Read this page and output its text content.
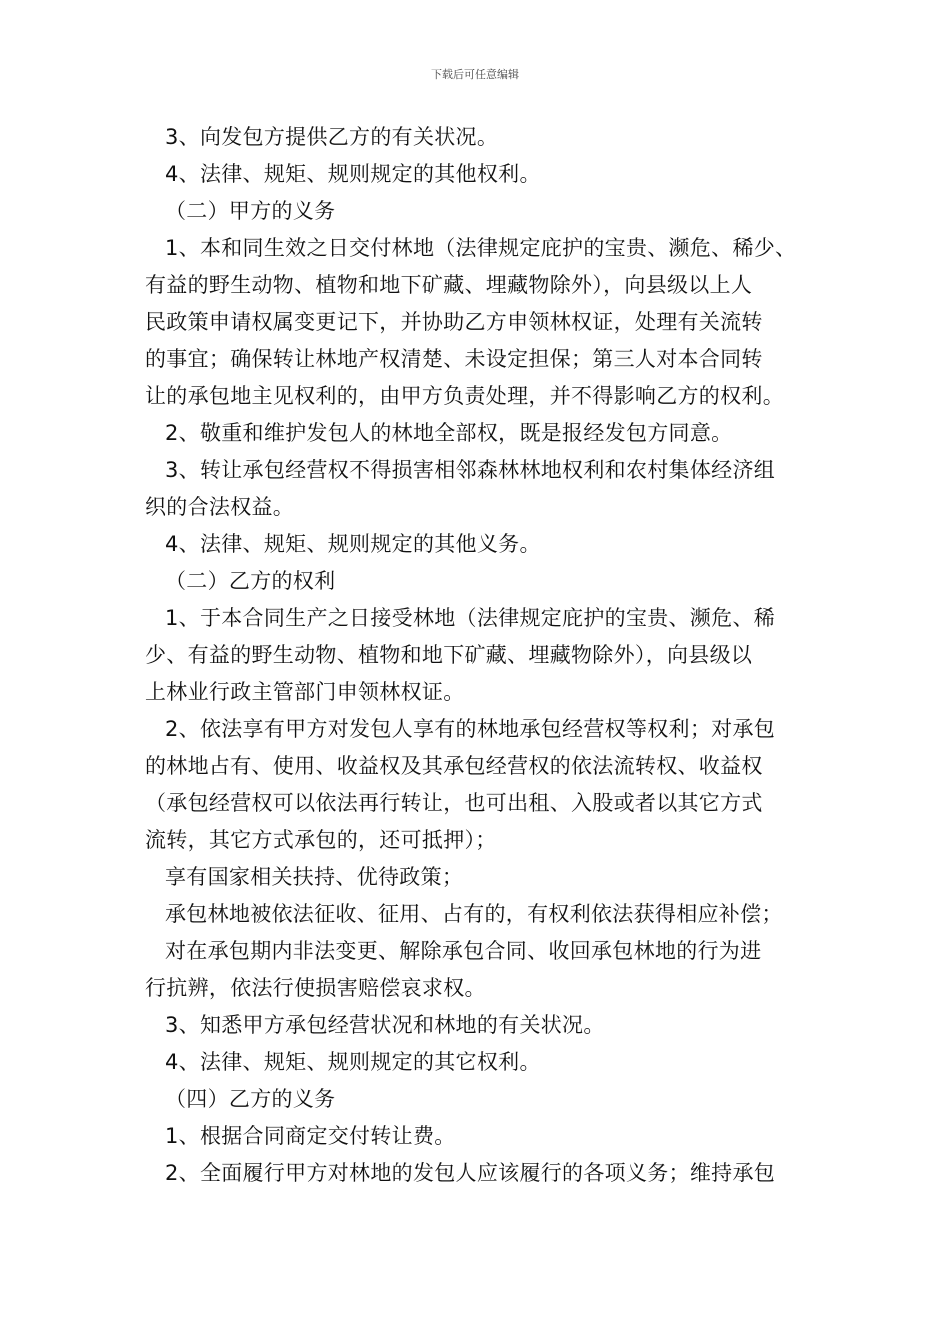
下载后可任意编辑
3、向发包方提供乙方的有关状况。
4、法律、规矩、规则规定的其他权利。
（二）甲方的义务
1、本和同生效之日交付林地（法律规定庇护的宝贵、濒危、稀少、
有益的野生动物、植物和地下矿藏、埋藏物除外），向县级以上人
民政策申请权属变更记下，并协助乙方申领林权证，处理有关流转
的事宜；确保转让林地产权清楚、未设定担保；第三人对本合同转
让的承包地主见权利的，由甲方负责处理，并不得影响乙方的权利。
2、敬重和维护发包人的林地全部权，既是报经发包方同意。
3、转让承包经营权不得损害相邻森林林地权利和农村集体经济组
织的合法权益。
4、法律、规矩、规则规定的其他义务。
（二）乙方的权利
1、于本合同生产之日接受林地（法律规定庇护的宝贵、濒危、稀
少、有益的野生动物、植物和地下矿藏、埋藏物除外），向县级以
上林业行政主管部门申领林权证。
2、依法享有甲方对发包人享有的林地承包经营权等权利；对承包
的林地占有、使用、收益权及其承包经营权的依法流转权、收益权
（承包经营权可以依法再行转让，也可出租、入股或者以其它方式
流转，其它方式承包的，还可抵押）；
享有国家相关扶持、优待政策；
承包林地被依法征收、征用、占有的，有权利依法获得相应补偿；
对在承包期内非法变更、解除承包合同、收回承包林地的行为进
行抗辨，依法行使损害赔偿哀求权。
3、知悉甲方承包经营状况和林地的有关状况。
4、法律、规矩、规则规定的其它权利。
（四）乙方的义务
1、根据合同商定交付转让费。
2、全面履行甲方对林地的发包人应该履行的各项义务；维持承包
